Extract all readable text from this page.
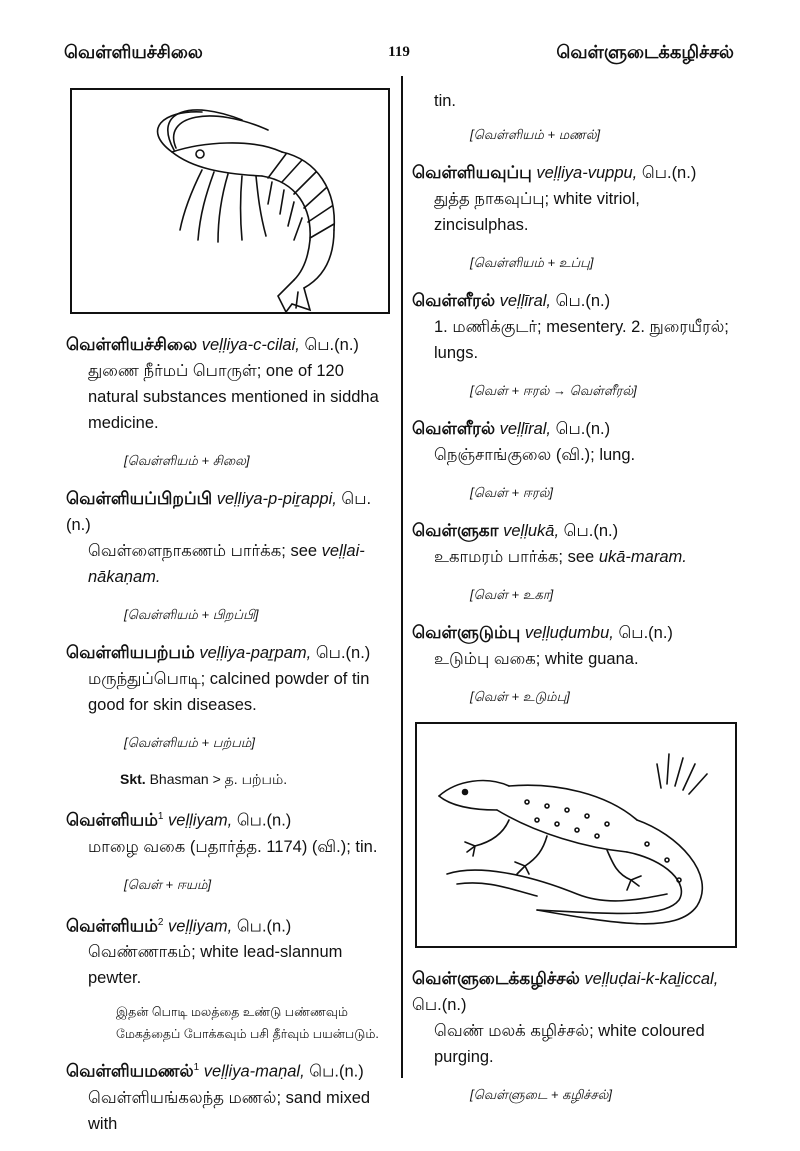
வெள்ளியச்சிலை	119	வெள்ளுடைக்கழிச்சல்
வெள்ளியச்சிலை veḷḷiya-c-cilai, பெ.(n.)
துணை நீர்மப் பொருள்; one of 120 natural substances mentioned in siddha medicine.
[வெள்ளியம் + சிலை]
வெள்ளியப்பிறப்பி veḷḷiya-p-piṟappi, பெ.(n.)
வெள்ளைநாகணம் பார்க்க; see veḷḷai-nākaṇam.
[வெள்ளியம் + பிறப்பி]
வெள்ளியபற்பம் veḷḷiya-paṟpam, பெ.(n.)
மருந்துப்பொடி; calcined powder of tin good for skin diseases.
[வெள்ளியம் + பற்பம்]
Skt. Bhasman > த. பற்பம்.
வெள்ளியம்$^1$ veḷḷiyam, பெ.(n.)
மாழை வகை (பதார்த்த. 1174) (வி.); tin.
[வெள் + ஈயம்]
வெள்ளியம்$^2$ veḷḷiyam, பெ.(n.)
வெண்ணாகம்; white lead-slannum pewter.
இதன் பொடி மலத்தை உண்டு பண்ணவும் மேகத்தைப் போக்கவும் பசி தீர்வும் பயன்படும்.
வெள்ளியமணல்$^1$ veḷḷiya-maṇal, பெ.(n.)
வெள்ளியங்கலந்த மணல்; sand mixed with
tin.
[வெள்ளியம் + மணல்]
வெள்ளியவுப்பு veḷḷiya-vuppu, பெ.(n.)
துத்த நாகவுப்பு; white vitriol, zincisulphas.
[வெள்ளியம் + உப்பு]
வெள்ளீரல் veḷḷīral, பெ.(n.)
1. மணிக்குடர்; mesentery. 2. நுரையீரல்; lungs.
[வெள் + ஈரல் → வெள்ளீரல்]
வெள்ளீரல் veḷḷīral, பெ.(n.)
நெஞ்சாங்குலை (வி.); lung.
[வெள் + ஈரல்]
வெள்ளுகா veḷḷukā, பெ.(n.)
உகாமரம் பார்க்க; see ukā-maram.
[வெள் + உகா]
வெள்ளுடும்பு veḷḷuḍumbu, பெ.(n.)
உடும்பு வகை; white guana.
[வெள் + உடும்பு]
வெள்ளுடைக்கழிச்சல் veḷḷuḍai-k-kaḻiccal, பெ.(n.)
வெண் மலக் கழிச்சல்; white coloured purging.
[வெள்ளுடை + கழிச்சல்]
